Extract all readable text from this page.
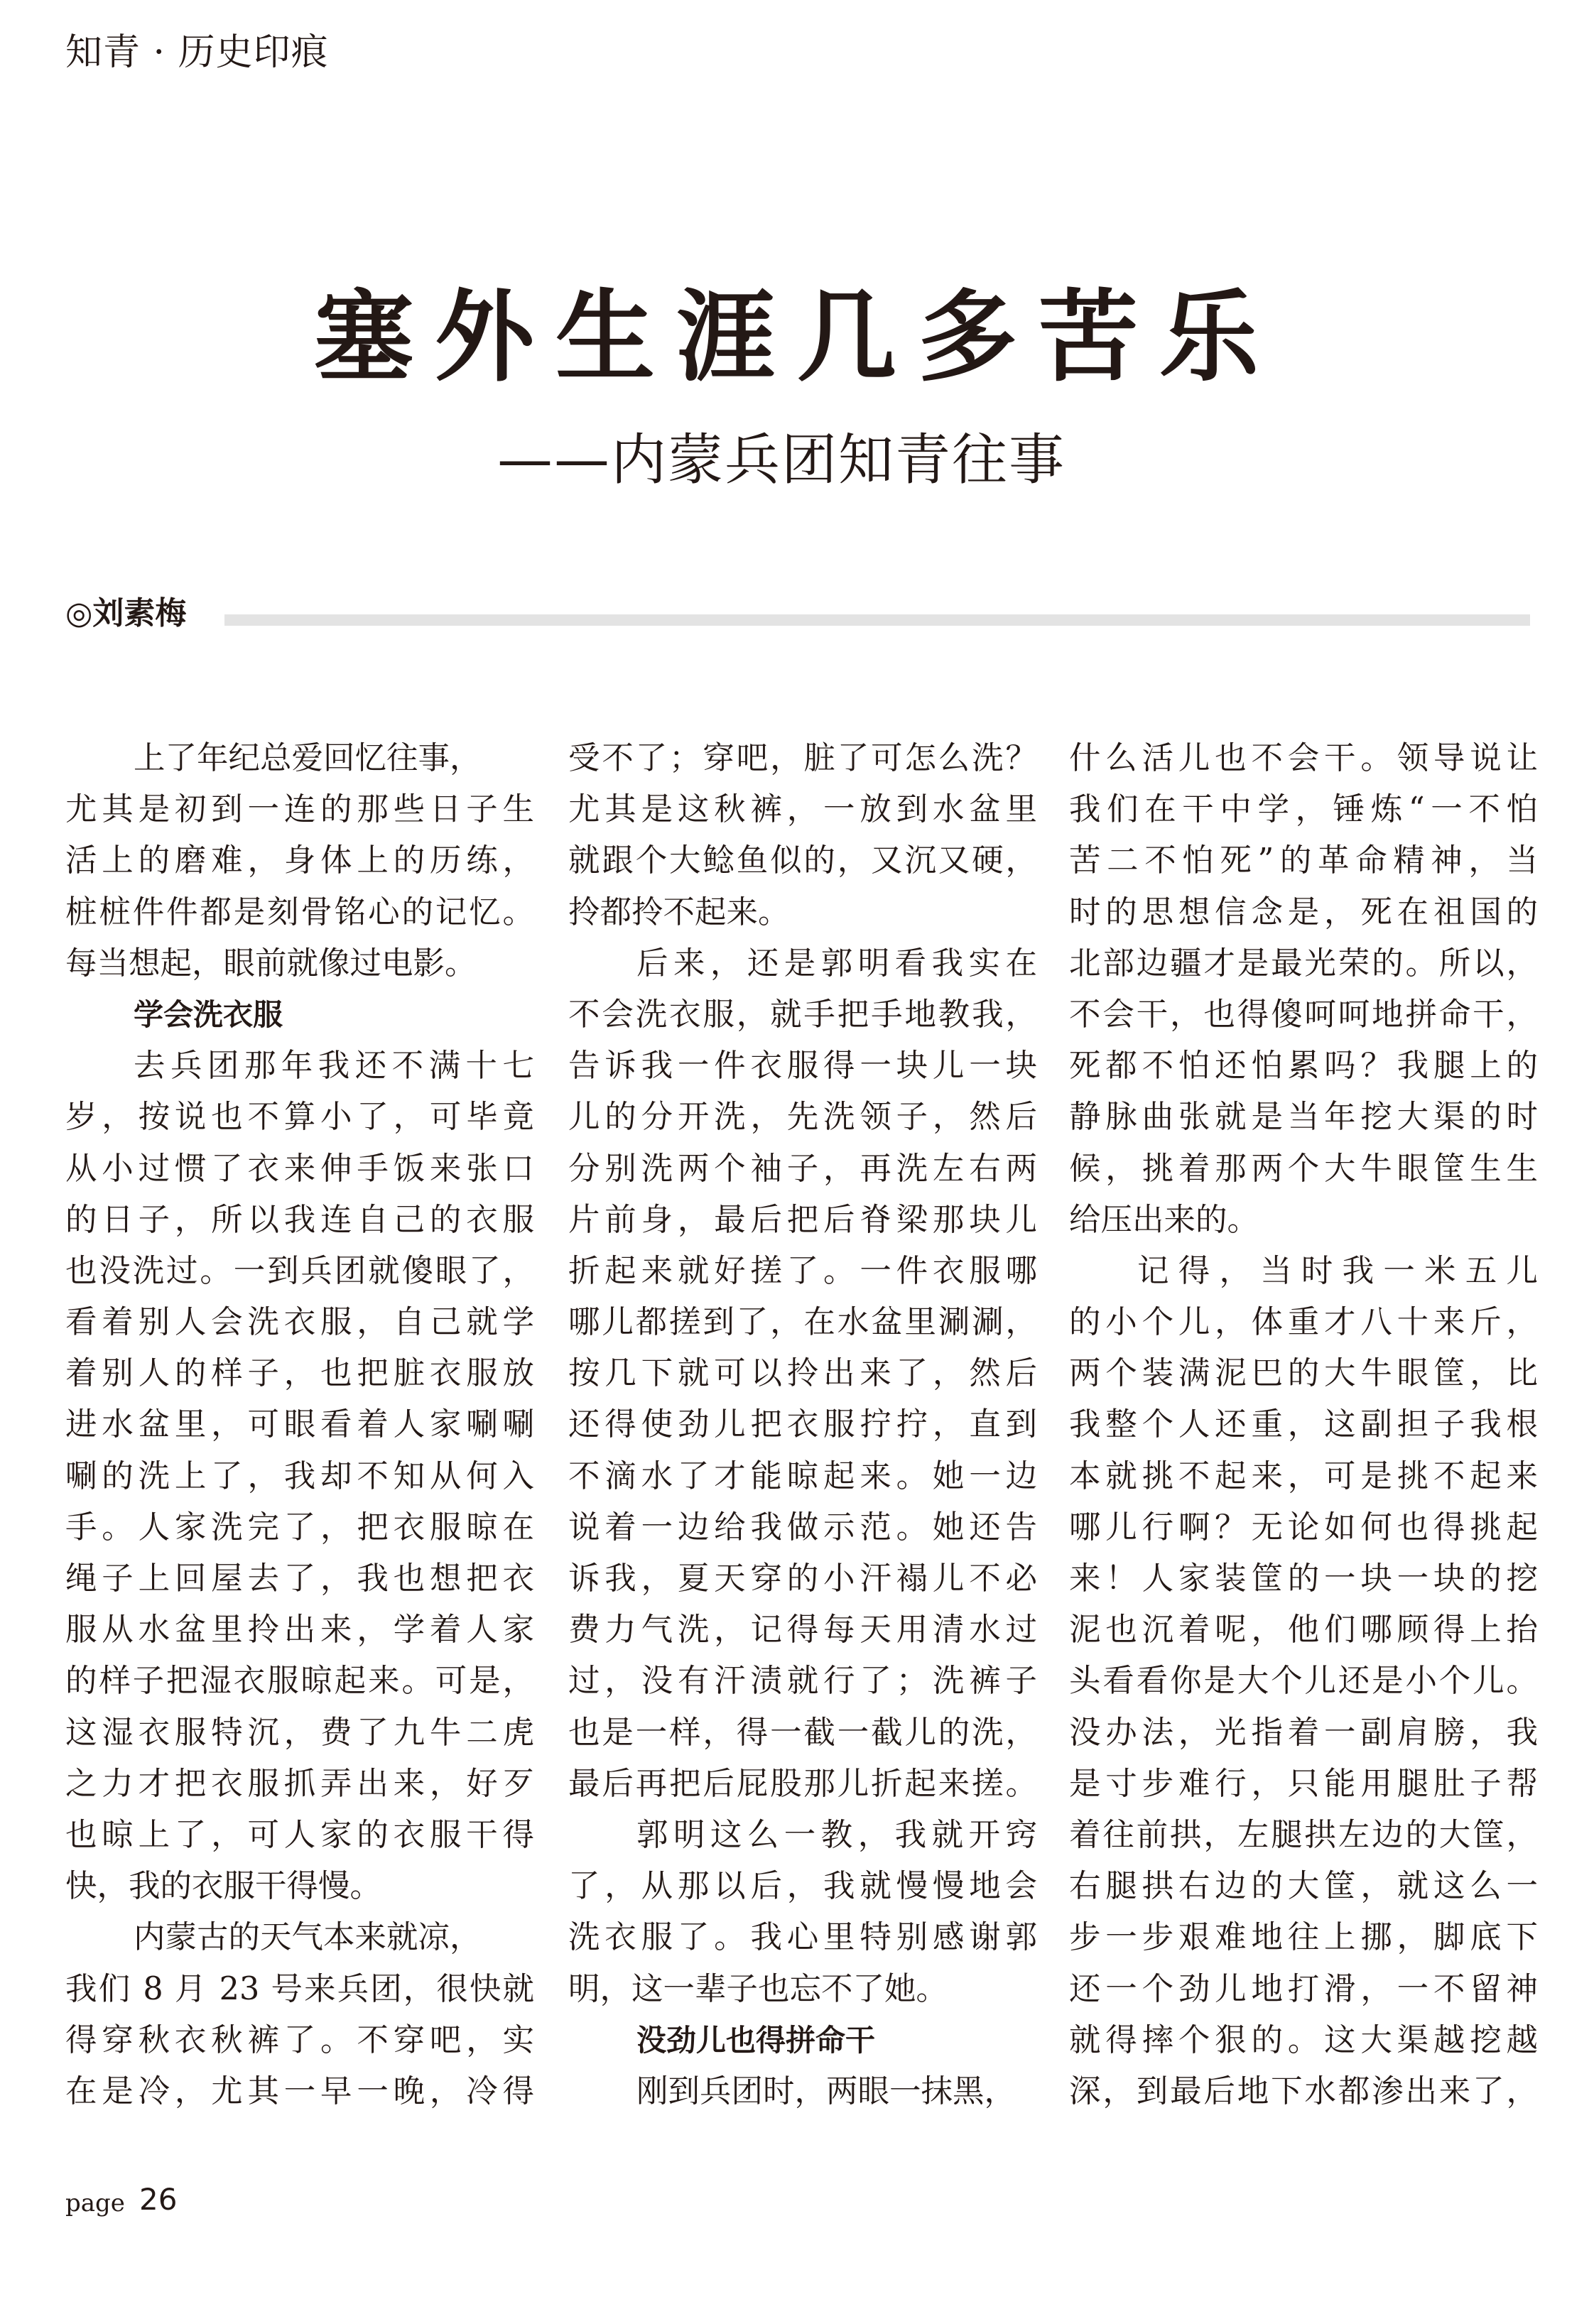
知青 · 历史印痕
塞外生涯几多苦乐
——内蒙兵团知青往事
◎刘素梅
上了年纪总爱回忆往事，
尤其是初到一连的那些日子生
活上的磨难，身体上的历练，
桩桩件件都是刻骨铭心的记忆。
每当想起，眼前就像过电影。
学会洗衣服
去兵团那年我还不满十七
岁，按说也不算小了，可毕竟
从小过惯了衣来伸手饭来张口
的日子，所以我连自己的衣服
也没洗过。一到兵团就傻眼了，
看着别人会洗衣服，自己就学
着别人的样子，也把脏衣服放
进水盆里，可眼看着人家唰唰
唰的洗上了，我却不知从何入
手。人家洗完了，把衣服晾在
绳子上回屋去了，我也想把衣
服从水盆里拎出来，学着人家
的样子把湿衣服晾起来。可是，
这湿衣服特沉，费了九牛二虎
之力才把衣服抓弄出来，好歹
也晾上了，可人家的衣服干得
快，我的衣服干得慢。
内蒙古的天气本来就凉，
我们 8 月 23 号来兵团，很快就
得穿秋衣秋裤了。不穿吧，实
在是冷，尤其一早一晚，冷得
受不了；穿吧，脏了可怎么洗？
尤其是这秋裤，一放到水盆里
就跟个大鲶鱼似的，又沉又硬，
拎都拎不起来。
后来，还是郭明看我实在
不会洗衣服，就手把手地教我，
告诉我一件衣服得一块儿一块
儿的分开洗，先洗领子，然后
分别洗两个袖子，再洗左右两
片前身，最后把后脊梁那块儿
折起来就好搓了。一件衣服哪
哪儿都搓到了，在水盆里涮涮，
按几下就可以拎出来了，然后
还得使劲儿把衣服拧拧，直到
不滴水了才能晾起来。她一边
说着一边给我做示范。她还告
诉我，夏天穿的小汗褟儿不必
费力气洗，记得每天用清水过
过，没有汗渍就行了；洗裤子
也是一样，得一截一截儿的洗，
最后再把后屁股那儿折起来搓。
郭明这么一教，我就开窍
了，从那以后，我就慢慢地会
洗衣服了。我心里特别感谢郭
明，这一辈子也忘不了她。
没劲儿也得拼命干
刚到兵团时，两眼一抹黑，
什么活儿也不会干。领导说让
我们在干中学，锤炼“一不怕
苦二不怕死”的革命精神，当
时的思想信念是，死在祖国的
北部边疆才是最光荣的。所以，
不会干，也得傻呵呵地拼命干，
死都不怕还怕累吗？我腿上的
静脉曲张就是当年挖大渠的时
候，挑着那两个大牛眼筐生生
给压出来的。
记得，当时我一米五儿
的小个儿，体重才八十来斤，
两个装满泥巴的大牛眼筐，比
我整个人还重，这副担子我根
本就挑不起来，可是挑不起来
哪儿行啊？无论如何也得挑起
来！人家装筐的一块一块的挖
泥也沉着呢，他们哪顾得上抬
头看看你是大个儿还是小个儿。
没办法，光指着一副肩膀，我
是寸步难行，只能用腿肚子帮
着往前拱，左腿拱左边的大筐，
右腿拱右边的大筐，就这么一
步一步艰难地往上挪，脚底下
还一个劲儿地打滑，一不留神
就得摔个狠的。这大渠越挖越
深，到最后地下水都渗出来了，
page 26
